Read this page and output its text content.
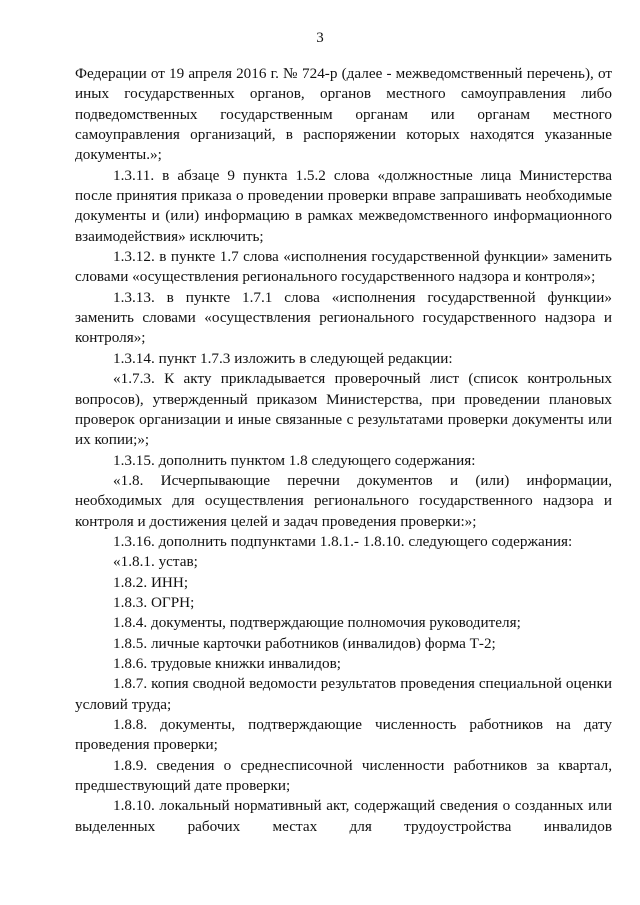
3

Федерации от 19 апреля 2016 г. № 724-р (далее - межведомственный перечень), от иных государственных органов, органов местного самоуправления либо подведомственных государственным органам или органам местного самоуправления организаций, в распоряжении которых находятся указанные документы.»;

1.3.11. в абзаце 9 пункта 1.5.2 слова «должностные лица Министерства после принятия приказа о проведении проверки вправе запрашивать необходимые документы и (или) информацию в рамках межведомственного информационного взаимодействия» исключить;

1.3.12. в пункте 1.7 слова «исполнения государственной функции» заменить словами «осуществления регионального государственного надзора и контроля»;

1.3.13. в пункте 1.7.1 слова «исполнения государственной функции» заменить словами «осуществления регионального государственного надзора и контроля»;

1.3.14. пункт 1.7.3 изложить в следующей редакции:

«1.7.3. К акту прикладывается проверочный лист (список контрольных вопросов), утвержденный приказом Министерства, при проведении плановых проверок организации и иные связанные с результатами проверки документы или их копии;»;

1.3.15. дополнить пунктом 1.8 следующего содержания:

«1.8. Исчерпывающие перечни документов и (или) информации, необходимых для осуществления регионального государственного надзора и контроля и достижения целей и задач проведения проверки:»;

1.3.16. дополнить подпунктами 1.8.1.- 1.8.10. следующего содержания:

«1.8.1. устав;

1.8.2. ИНН;

1.8.3. ОГРН;

1.8.4. документы, подтверждающие полномочия руководителя;

1.8.5. личные карточки работников (инвалидов) форма Т-2;

1.8.6. трудовые книжки инвалидов;

1.8.7. копия сводной ведомости результатов проведения специальной оценки условий труда;

1.8.8. документы, подтверждающие численность работников на дату проведения проверки;

1.8.9. сведения о среднесписочной численности работников за квартал, предшествующий дате проверки;

1.8.10. локальный нормативный акт, содержащий сведения о созданных или выделенных рабочих местах для трудоустройства инвалидов
